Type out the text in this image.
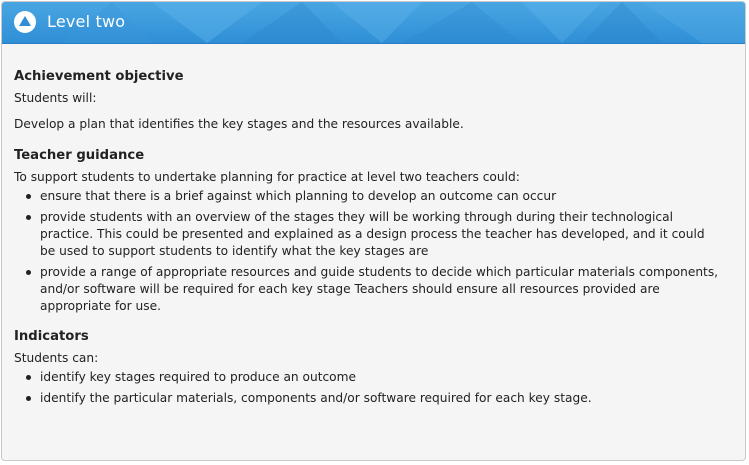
Level two
Achievement objective

Students will:

Develop a plan that identifies the key stages and the resources available.

Teacher guidance

To support students to undertake planning for practice at level two teachers could:

ensure that there is a brief against which planning to develop an outcome can occur
provide students with an overview of the stages they will be working through during their technological practice. This could be presented and explained as a design process the teacher has developed, and it could be used to support students to identify what the key stages are
provide a range of appropriate resources and guide students to decide which particular materials components, and/or software will be required for each key stage Teachers should ensure all resources provided are appropriate for use.
Indicators

Students can:

identify key stages required to produce an outcome
identify the particular materials, components and/or software required for each key stage.
